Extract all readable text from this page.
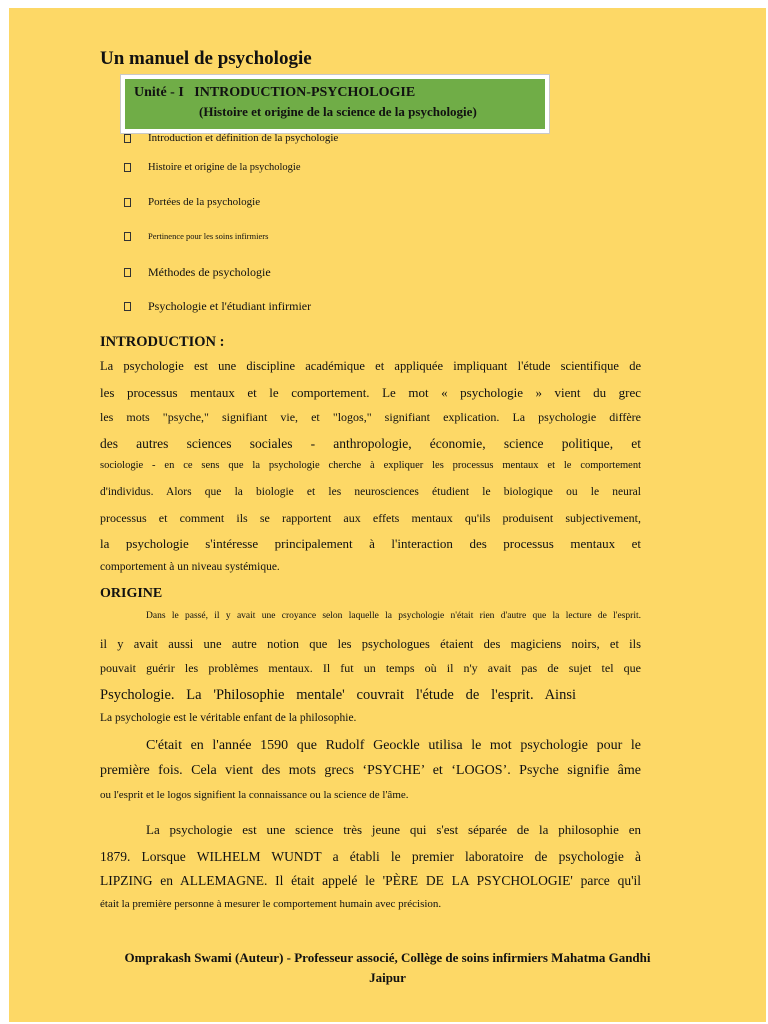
Un manuel de psychologie
Unité - I   INTRODUCTION-PSYCHOLOGIE
(Histoire et origine de la science de la psychologie)
Introduction et définition de la psychologie
Histoire et origine de la psychologie
Portées de la psychologie
Pertinence pour les soins infirmiers
Méthodes de psychologie
Psychologie et l'étudiant infirmier
INTRODUCTION :
La psychologie est une discipline académique et appliquée impliquant l'étude scientifique de
les processus mentaux et le comportement. Le mot « psychologie » vient du grec
les mots "psyche," signifiant vie, et "logos," signifiant explication. La psychologie diffère
des autres sciences sociales - anthropologie, économie, science politique, et
sociologie - en ce sens que la psychologie cherche à expliquer les processus mentaux et le comportement
d'individus. Alors que la biologie et les neurosciences étudient le biologique ou le neural
processus et comment ils se rapportent aux effets mentaux qu'ils produisent subjectivement,
la psychologie s'intéresse principalement à l'interaction des processus mentaux et
comportement à un niveau systémique.
ORIGINE
Dans le passé, il y avait une croyance selon laquelle la psychologie n'était rien d'autre que la lecture de l'esprit.
il y avait aussi une autre notion que les psychologues étaient des magiciens noirs, et ils
pouvait guérir les problèmes mentaux. Il fut un temps où il n'y avait pas de sujet tel que
Psychologie. La 'Philosophie mentale' couvrait l'étude de l'esprit. Ainsi
La psychologie est le véritable enfant de la philosophie.
C'était en l'année 1590 que Rudolf Geockle utilisa le mot psychologie pour le
première fois. Cela vient des mots grecs ‘PSYCHE’ et ‘LOGOS’. Psyche signifie âme
ou l'esprit et le logos signifient la connaissance ou la science de l'âme.
La psychologie est une science très jeune qui s'est séparée de la philosophie en
1879. Lorsque WILHELM WUNDT a établi le premier laboratoire de psychologie à
LIPZING en ALLEMAGNE. Il était appelé le 'PÈRE DE LA PSYCHOLOGIE' parce qu'il
était la première personne à mesurer le comportement humain avec précision.
Omprakash Swami (Auteur) - Professeur associé, Collège de soins infirmiers Mahatma Gandhi
Jaipur
